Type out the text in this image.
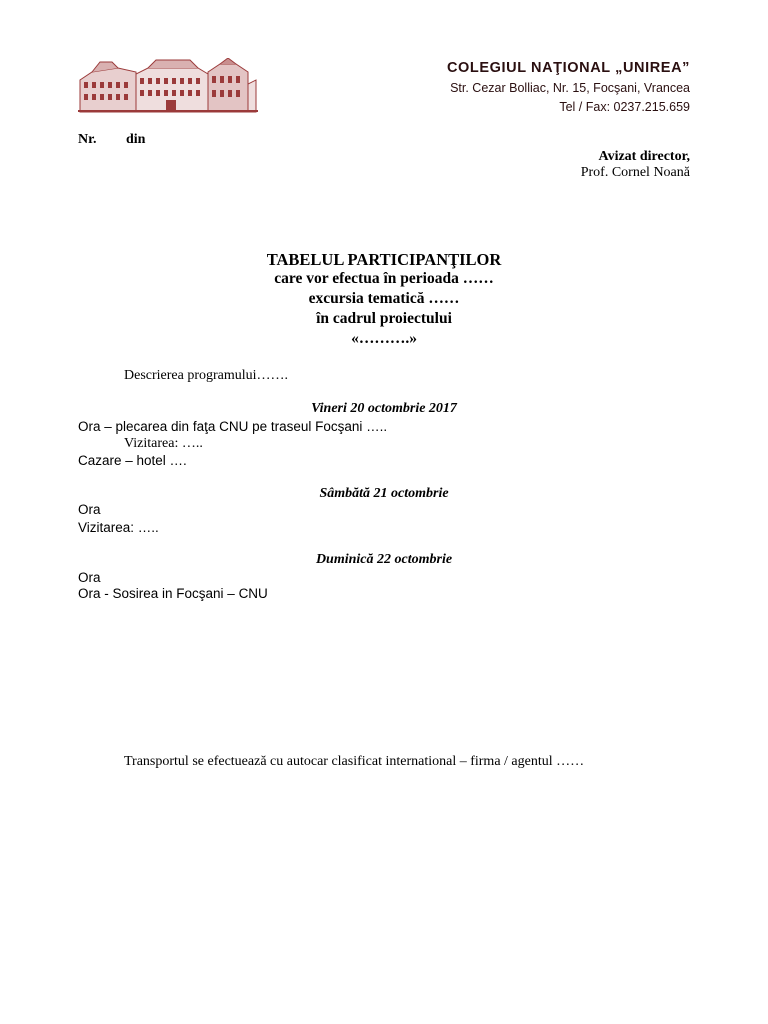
COLEGIUL NAŢIONAL „UNIREA”
Str. Cezar Bolliac, Nr. 15, Focşani, Vrancea
Tel / Fax: 0237.215.659
Nr. din
Avizat director,
Prof. Cornel Noană
TABELUL PARTICIPANŢILOR
care vor efectua în perioada ……
excursia tematică ……
în cadrul proiectului
«……….»
Descrierea programului…….
Vineri 20 octombrie 2017
Ora – plecarea din faţa CNU pe traseul Focşani …..
Vizitarea: …..
Cazare – hotel ….
Sâmbătă 21 octombrie
Ora
Vizitarea: …..
Duminică 22 octombrie
Ora
Ora - Sosirea in Focşani – CNU
Transportul se efectuează cu autocar clasificat international – firma / agentul ……
